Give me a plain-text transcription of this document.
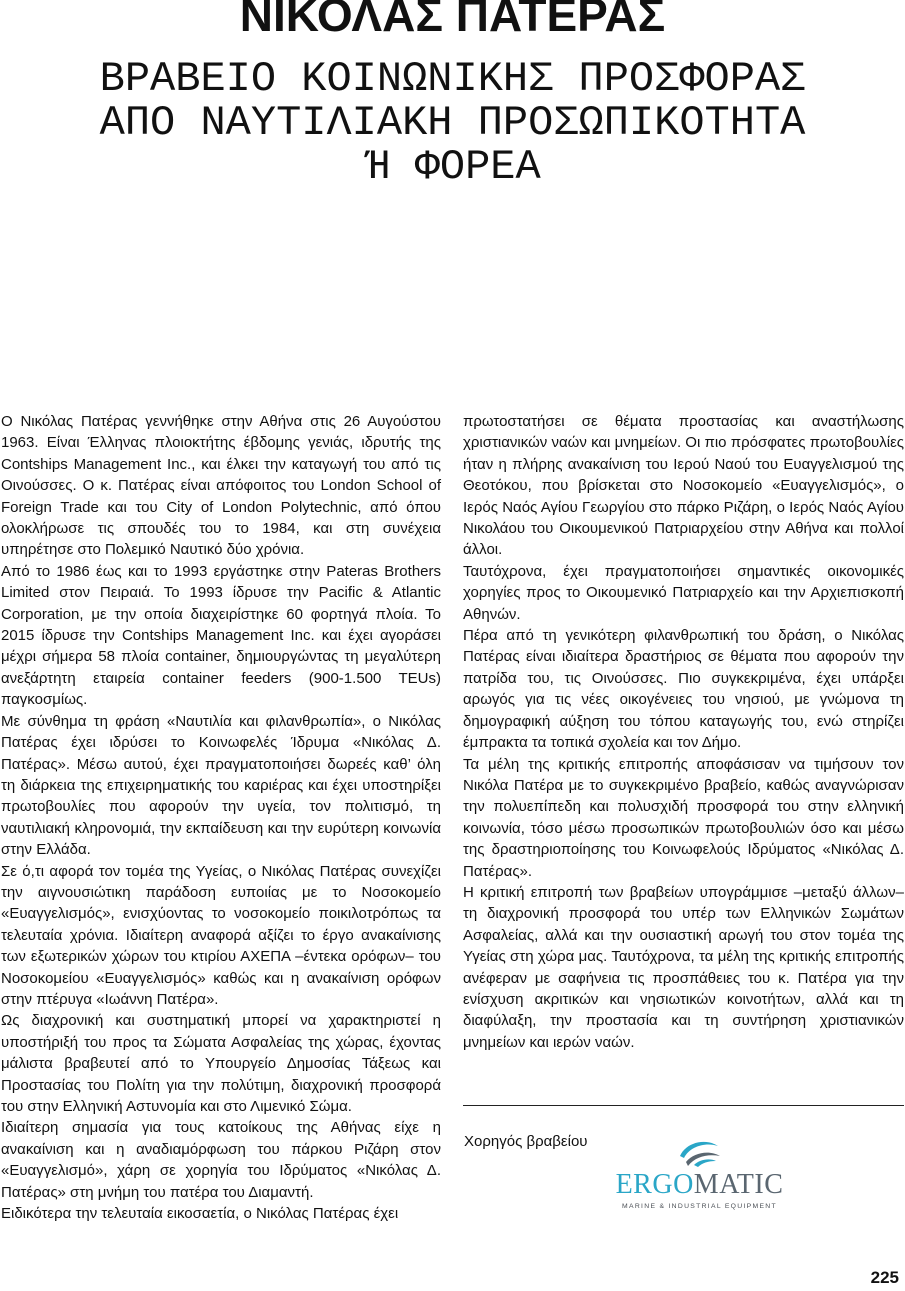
ΝΙΚΟΛΑΣ ΠΑΤΕΡΑΣ
ΒΡΑΒΕΙΟ ΚΟΙΝΩΝΙΚΗΣ ΠΡΟΣΦΟΡΑΣ
ΑΠΟ ΝΑΥΤΙΛΙΑΚΗ ΠΡΟΣΩΠΙΚΟΤΗΤΑ
Ή ΦΟΡΕΑ

Ο Νικόλας Πατέρας γεννήθηκε στην Αθήνα στις 26 Αυγούστου 1963. Είναι Έλληνας πλοιοκτήτης έβδομης γενιάς, ιδρυτής της Contships Management Inc., και έλκει την καταγωγή του από τις Οινούσσες. Ο κ. Πατέρας είναι απόφοιτος του London School of Foreign Trade και του City of London Polytechnic, από όπου ολοκλήρωσε τις σπουδές του το 1984, και στη συνέχεια υπηρέτησε στο Πολεμικό Ναυτικό δύο χρόνια.

Από το 1986 έως και το 1993 εργάστηκε στην Pateras Brothers Limited στον Πειραιά. Το 1993 ίδρυσε την Pacific & Atlantic Corporation, με την οποία διαχειρίστηκε 60 φορτηγά πλοία. Το 2015 ίδρυσε την Contships Management Inc. και έχει αγοράσει μέχρι σήμερα 58 πλοία container, δημιουργώντας τη μεγαλύτερη ανεξάρτητη εταιρεία container feeders (900-1.500 TEUs) παγκοσμίως.

Με σύνθημα τη φράση «Ναυτιλία και φιλανθρωπία», ο Νικόλας Πατέρας έχει ιδρύσει το Κοινωφελές Ίδρυμα «Νικόλας Δ. Πατέρας». Μέσω αυτού, έχει πραγματοποιήσει δωρεές καθ’ όλη τη διάρκεια της επιχειρηματικής του καριέρας και έχει υποστηρίξει πρωτοβουλίες που αφορούν την υγεία, τον πολιτισμό, τη ναυτιλιακή κληρονομιά, την εκπαίδευση και την ευρύτερη κοινωνία στην Ελλάδα.

Σε ό,τι αφορά τον τομέα της Υγείας, ο Νικόλας Πατέρας συνεχίζει την αιγνουσιώτικη παράδοση ευποιίας με το Νοσοκομείο «Ευαγγελισμός», ενισχύοντας το νοσοκομείο ποικιλοτρόπως τα τελευταία χρόνια. Ιδιαίτερη αναφορά αξίζει το έργο ανακαίνισης των εξωτερικών χώρων του κτιρίου ΑΧΕΠΑ –έντεκα ορόφων– του Νοσοκομείου «Ευαγγελισμός» καθώς και η ανακαίνιση ορόφων στην πτέρυγα «Ιωάννη Πατέρα».

Ως διαχρονική και συστηματική μπορεί να χαρακτηριστεί η υποστήριξή του προς τα Σώματα Ασφαλείας της χώρας, έχοντας μάλιστα βραβευτεί από το Υπουργείο Δημοσίας Τάξεως και Προστασίας του Πολίτη για την πολύτιμη, διαχρονική προσφορά του στην Ελληνική Αστυνομία και στο Λιμενικό Σώμα.

Ιδιαίτερη σημασία για τους κατοίκους της Αθήνας είχε η ανακαίνιση και η αναδιαμόρφωση του πάρκου Ριζάρη στον «Ευαγγελισμό», χάρη σε χορηγία του Ιδρύματος «Νικόλας Δ. Πατέρας» στη μνήμη του πατέρα του Διαμαντή.

Ειδικότερα την τελευταία εικοσαετία, ο Νικόλας Πατέρας έχει

πρωτοστατήσει σε θέματα προστασίας και αναστήλωσης χριστιανικών ναών και μνημείων. Οι πιο πρόσφατες πρωτοβουλίες ήταν η πλήρης ανακαίνιση του Ιερού Ναού του Ευαγγελισμού της Θεοτόκου, που βρίσκεται στο Νοσοκομείο «Ευαγγελισμός», ο Ιερός Ναός Αγίου Γεωργίου στο πάρκο Ριζάρη, ο Ιερός Ναός Αγίου Νικολάου του Οικουμενικού Πατριαρχείου στην Αθήνα και πολλοί άλλοι.

Ταυτόχρονα, έχει πραγματοποιήσει σημαντικές οικονομικές χορηγίες προς το Οικουμενικό Πατριαρχείο και την Αρχιεπισκοπή Αθηνών.

Πέρα από τη γενικότερη φιλανθρωπική του δράση, ο Νικόλας Πατέρας είναι ιδιαίτερα δραστήριος σε θέματα που αφορούν την πατρίδα του, τις Οινούσσες. Πιο συγκεκριμένα, έχει υπάρξει αρωγός για τις νέες οικογένειες του νησιού, με γνώμονα τη δημογραφική αύξηση του τόπου καταγωγής του, ενώ στηρίζει έμπρακτα τα τοπικά σχολεία και τον Δήμο.

Τα μέλη της κριτικής επιτροπής αποφάσισαν να τιμήσουν τον Νικόλα Πατέρα με το συγκεκριμένο βραβείο, καθώς αναγνώρισαν την πολυεπίπεδη και πολυσχιδή προσφορά του στην ελληνική κοινωνία, τόσο μέσω προσωπικών πρωτοβουλιών όσο και μέσω της δραστηριοποίησης του Κοινωφελούς Ιδρύματος «Νικόλας Δ. Πατέρας».

Η κριτική επιτροπή των βραβείων υπογράμμισε –μεταξύ άλλων– τη διαχρονική προσφορά του υπέρ των Ελληνικών Σωμάτων Ασφαλείας, αλλά και την ουσιαστική αρωγή του στον τομέα της Υγείας στη χώρα μας. Ταυτόχρονα, τα μέλη της κριτικής επιτροπής ανέφεραν με σαφήνεια τις προσπάθειες του κ. Πατέρα για την ενίσχυση ακριτικών και νησιωτικών κοινοτήτων, αλλά και τη διαφύλαξη, την προστασία και τη συντήρηση χριστιανικών μνημείων και ιερών ναών.

Χορηγός βραβείου
ERGOMATIC
MARINE & INDUSTRIAL EQUIPMENT
225
